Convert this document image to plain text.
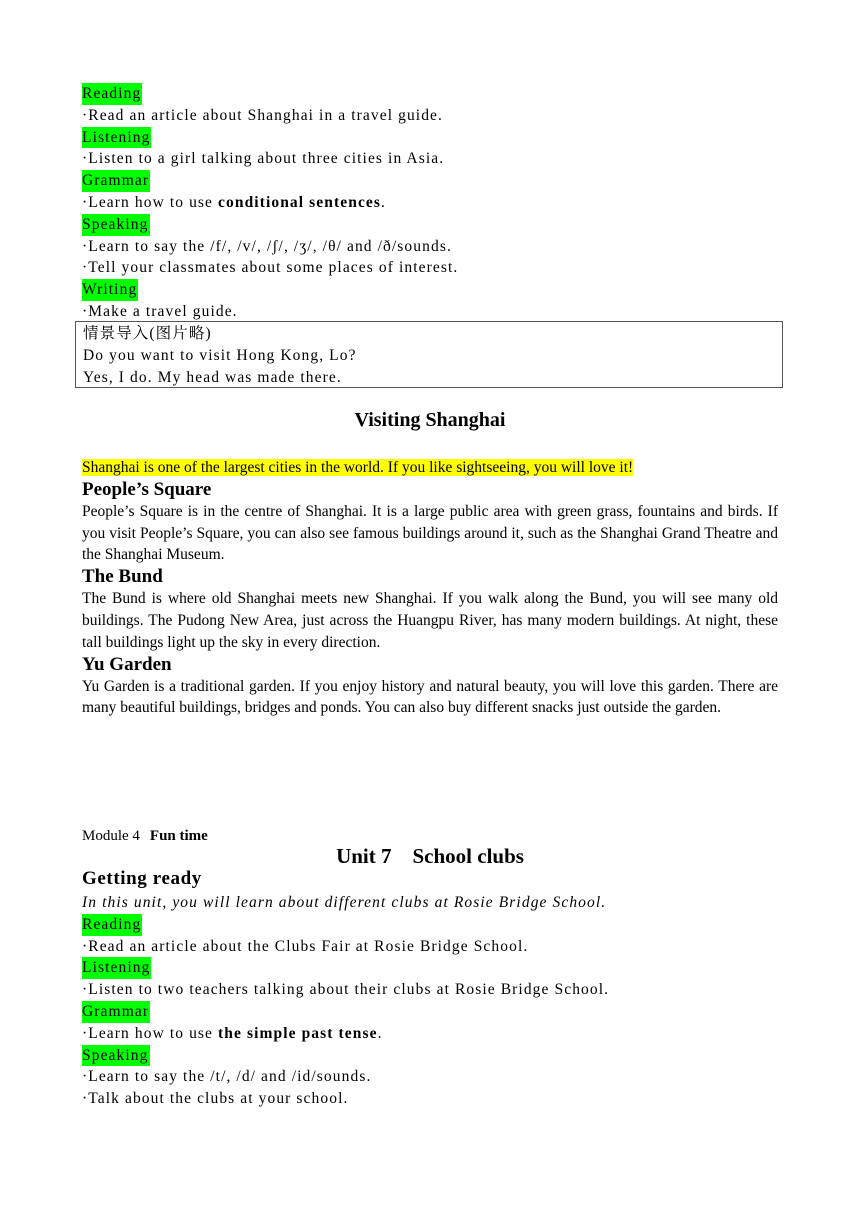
Reading
·Read an article about Shanghai in a travel guide.
Listening
·Listen to a girl talking about three cities in Asia.
Grammar
·Learn how to use conditional sentences.
Speaking
·Learn to say the /f/, /v/, /ʃ/, /ʒ/, /θ/ and /ð/sounds.
·Tell your classmates about some places of interest.
Writing
·Make a travel guide.
情景导入(图片略)
Do you want to visit Hong Kong, Lo?
Yes, I do. My head was made there.
Visiting Shanghai

Shanghai is one of the largest cities in the world. If you like sightseeing, you will love it!

People’s Square

People’s Square is in the centre of Shanghai. It is a large public area with green grass, fountains and birds. If you visit People’s Square, you can also see famous buildings around it, such as the Shanghai Grand Theatre and the Shanghai Museum.

The Bund

The Bund is where old Shanghai meets new Shanghai. If you walk along the Bund, you will see many old buildings. The Pudong New Area, just across the Huangpu River, has many modern buildings. At night, these tall buildings light up the sky in every direction.

Yu Garden

Yu Garden is a traditional garden. If you enjoy history and natural beauty, you will love this garden. There are many beautiful buildings, bridges and ponds. You can also buy different snacks just outside the garden.

Module 4 Fun time
Unit 7    School clubs
Getting ready
In this unit, you will learn about different clubs at Rosie Bridge School.
Reading
·Read an article about the Clubs Fair at Rosie Bridge School.
Listening
·Listen to two teachers talking about their clubs at Rosie Bridge School.
Grammar
·Learn how to use the simple past tense.
Speaking
·Learn to say the /t/, /d/ and /id/sounds.
·Talk about the clubs at your school.
